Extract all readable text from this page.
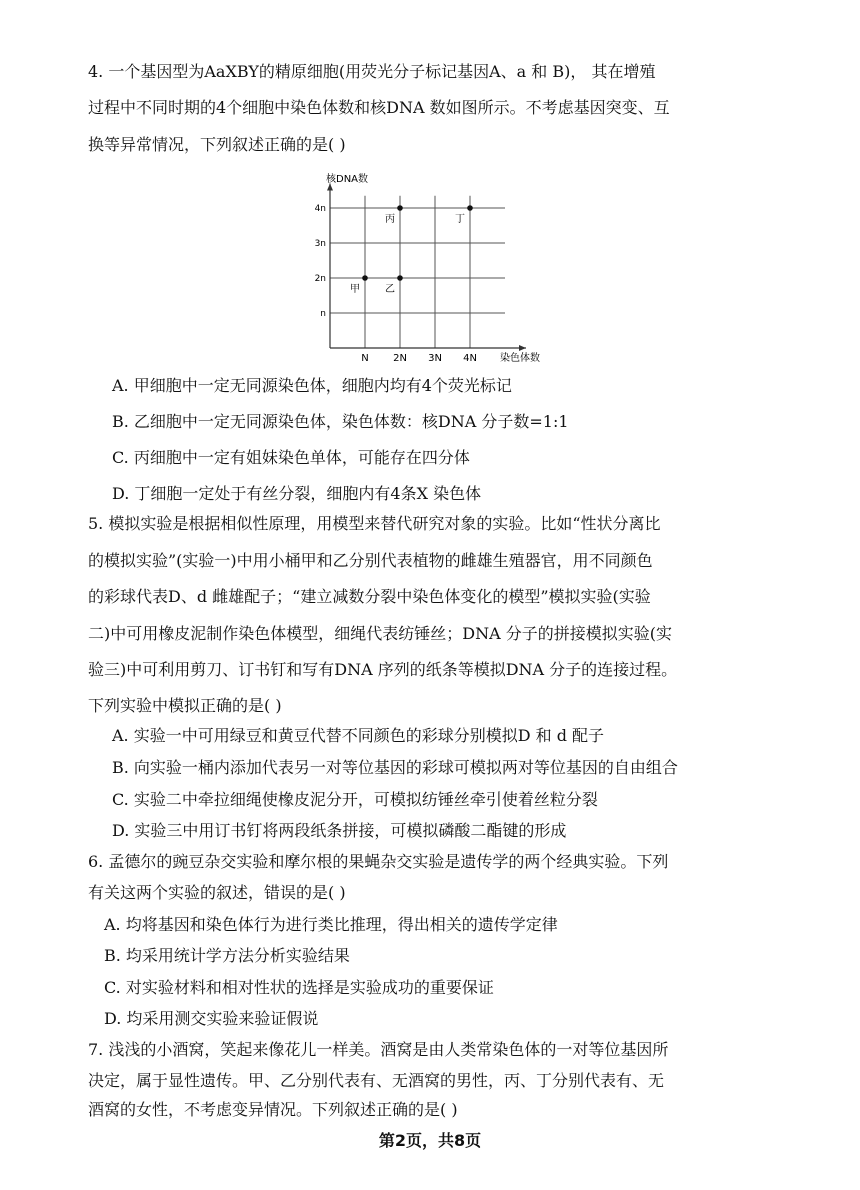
4. 一个基因型为AaXBY的精原细胞(用荧光分子标记基因A、a 和 B)， 其在增殖

过程中不同时期的4个细胞中染色体数和核DNA 数如图所示。不考虑基因突变、互

换等异常情况，下列叙述正确的是( )

N 2N 3N 4N
n
2n
3n
4n
甲	乙
丙	丁
核DNA数
染色体数

A. 甲细胞中一定无同源染色体，细胞内均有4个荧光标记

B. 乙细胞中一定无同源染色体，染色体数：核DNA 分子数=1:1

C. 丙细胞中一定有姐妹染色单体，可能存在四分体

D. 丁细胞一定处于有丝分裂，细胞内有4条X 染色体

5. 模拟实验是根据相似性原理，用模型来替代研究对象的实验。比如“性状分离比

的模拟实验”(实验一)中用小桶甲和乙分别代表植物的雌雄生殖器官，用不同颜色

的彩球代表D、d 雌雄配子；“建立减数分裂中染色体变化的模型”模拟实验(实验

二)中可用橡皮泥制作染色体模型，细绳代表纺锤丝；DNA 分子的拼接模拟实验(实

验三)中可利用剪刀、订书钉和写有DNA 序列的纸条等模拟DNA 分子的连接过程。

下列实验中模拟正确的是( )

A. 实验一中可用绿豆和黄豆代替不同颜色的彩球分别模拟D 和 d 配子

B. 向实验一桶内添加代表另一对等位基因的彩球可模拟两对等位基因的自由组合

C. 实验二中牵拉细绳使橡皮泥分开，可模拟纺锤丝牵引使着丝粒分裂

D. 实验三中用订书钉将两段纸条拼接，可模拟磷酸二酯键的形成

6. 孟德尔的豌豆杂交实验和摩尔根的果蝇杂交实验是遗传学的两个经典实验。下列

有关这两个实验的叙述，错误的是( )

A. 均将基因和染色体行为进行类比推理，得出相关的遗传学定律

B. 均采用统计学方法分析实验结果

C. 对实验材料和相对性状的选择是实验成功的重要保证

D. 均采用测交实验来验证假说

7. 浅浅的小酒窝，笑起来像花儿一样美。酒窝是由人类常染色体的一对等位基因所

决定，属于显性遗传。甲、乙分别代表有、无酒窝的男性，丙、丁分别代表有、无

酒窝的女性，不考虑变异情况。下列叙述正确的是( )

第2页，共8页
